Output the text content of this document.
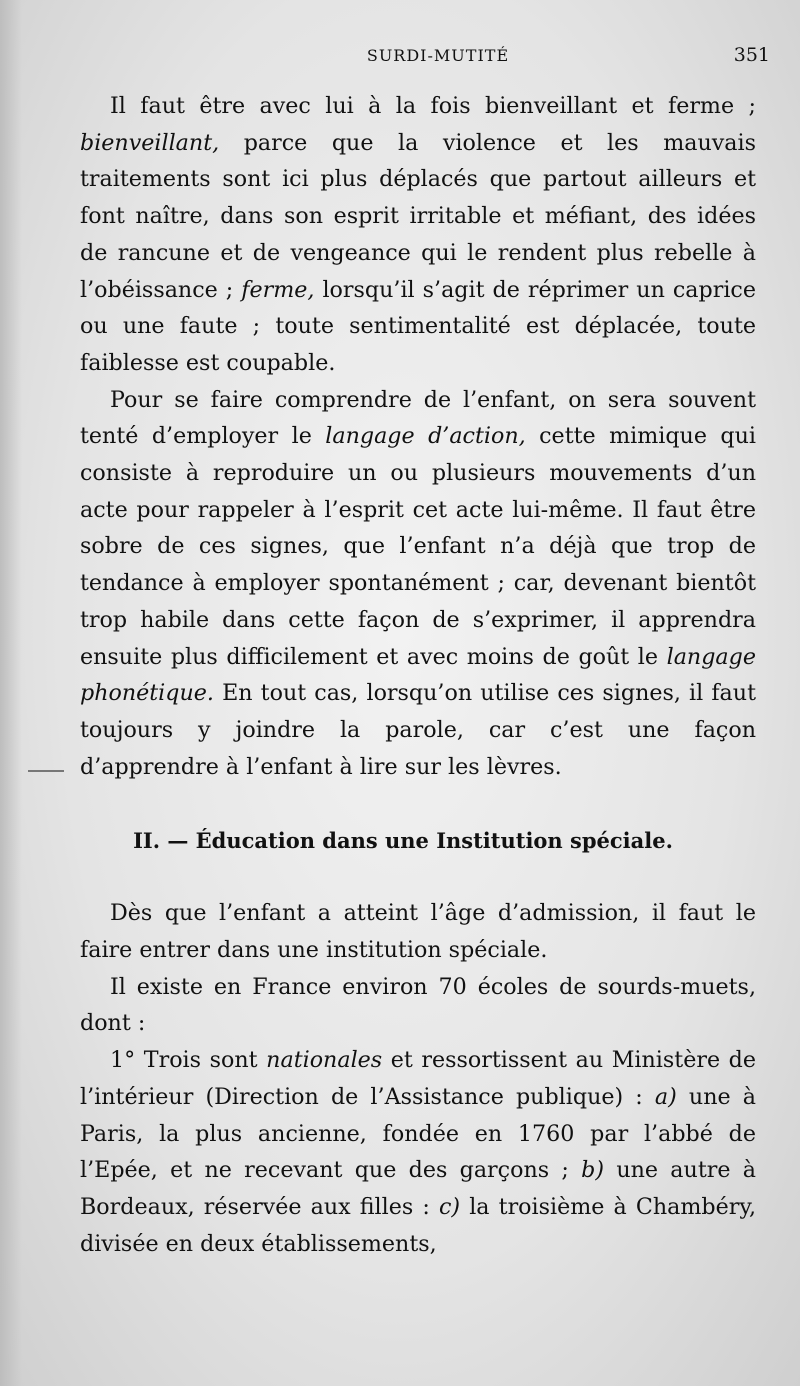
SURDI-MUTITÉ	351

Il faut être avec lui à la fois bienveillant et ferme ; bienveillant, parce que la violence et les mauvais traitements sont ici plus déplacés que partout ailleurs et font naître, dans son esprit irritable et méfiant, des idées de rancune et de vengeance qui le rendent plus rebelle à l’obéissance ; ferme, lorsqu’il s’agit de réprimer un caprice ou une faute ; toute sentimentalité est déplacée, toute faiblesse est coupable.

Pour se faire comprendre de l’enfant, on sera souvent tenté d’employer le langage d’action, cette mimique qui consiste à reproduire un ou plusieurs mouvements d’un acte pour rappeler à l’esprit cet acte lui-même. Il faut être sobre de ces signes, que l’enfant n’a déjà que trop de tendance à employer spontanément ; car, devenant bientôt trop habile dans cette façon de s’exprimer, il apprendra ensuite plus difficilement et avec moins de goût le langage phonétique. En tout cas, lorsqu’on utilise ces signes, il faut toujours y joindre la parole, car c’est une façon d’apprendre à l’enfant à lire sur les lèvres.

II. — Éducation dans une Institution spéciale.

Dès que l’enfant a atteint l’âge d’admission, il faut le faire entrer dans une institution spéciale.

Il existe en France environ 70 écoles de sourds-muets, dont :

1° Trois sont nationales et ressortissent au Ministère de l’intérieur (Direction de l’Assistance publique) : a) une à Paris, la plus ancienne, fondée en 1760 par l’abbé de l’Epée, et ne recevant que des garçons ; b) une autre à Bordeaux, réservée aux filles : c) la troisième à Chambéry, divisée en deux établissements,
